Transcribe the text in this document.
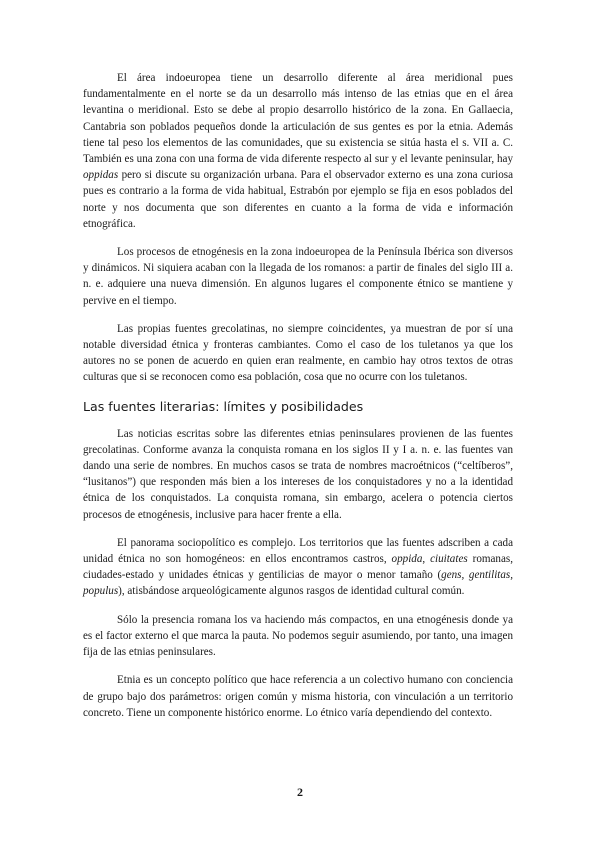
El área indoeuropea tiene un desarrollo diferente al área meridional pues fundamentalmente en el norte se da un desarrollo más intenso de las etnias que en el área levantina o meridional. Esto se debe al propio desarrollo histórico de la zona. En Gallaecia, Cantabria son poblados pequeños donde la articulación de sus gentes es por la etnia. Además tiene tal peso los elementos de las comunidades, que su existencia se sitúa hasta el s. VII a. C. También es una zona con una forma de vida diferente respecto al sur y el levante peninsular, hay oppidas pero si discute su organización urbana. Para el observador externo es una zona curiosa pues es contrario a la forma de vida habitual, Estrabón por ejemplo se fija en esos poblados del norte y nos documenta que son diferentes en cuanto a la forma de vida e información etnográfica.

Los procesos de etnogénesis en la zona indoeuropea de la Península Ibérica son diversos y dinámicos. Ni siquiera acaban con la llegada de los romanos: a partir de finales del siglo III a. n. e. adquiere una nueva dimensión. En algunos lugares el componente étnico se mantiene y pervive en el tiempo.

Las propias fuentes grecolatinas, no siempre coincidentes, ya muestran de por sí una notable diversidad étnica y fronteras cambiantes. Como el caso de los tuletanos ya que los autores no se ponen de acuerdo en quien eran realmente, en cambio hay otros textos de otras culturas que si se reconocen como esa población, cosa que no ocurre con los tuletanos.

Las fuentes literarias: límites y posibilidades

Las noticias escritas sobre las diferentes etnias peninsulares provienen de las fuentes grecolatinas. Conforme avanza la conquista romana en los siglos II y I a. n. e. las fuentes van dando una serie de nombres. En muchos casos se trata de nombres macroétnicos (“celtíberos”, “lusitanos”) que responden más bien a los intereses de los conquistadores y no a la identidad étnica de los conquistados. La conquista romana, sin embargo, acelera o potencia ciertos procesos de etnogénesis, inclusive para hacer frente a ella.

El panorama sociopolítico es complejo. Los territorios que las fuentes adscriben a cada unidad étnica no son homogéneos: en ellos encontramos castros, oppida, ciuitates romanas, ciudades-estado y unidades étnicas y gentilicias de mayor o menor tamaño (gens, gentilitas, populus), atisbándose arqueológicamente algunos rasgos de identidad cultural común.

Sólo la presencia romana los va haciendo más compactos, en una etnogénesis donde ya es el factor externo el que marca la pauta. No podemos seguir asumiendo, por tanto, una imagen fija de las etnias peninsulares.

Etnia es un concepto político que hace referencia a un colectivo humano con conciencia de grupo bajo dos parámetros: origen común y misma historia, con vinculación a un territorio concreto. Tiene un componente histórico enorme. Lo étnico varía dependiendo del contexto.

2
